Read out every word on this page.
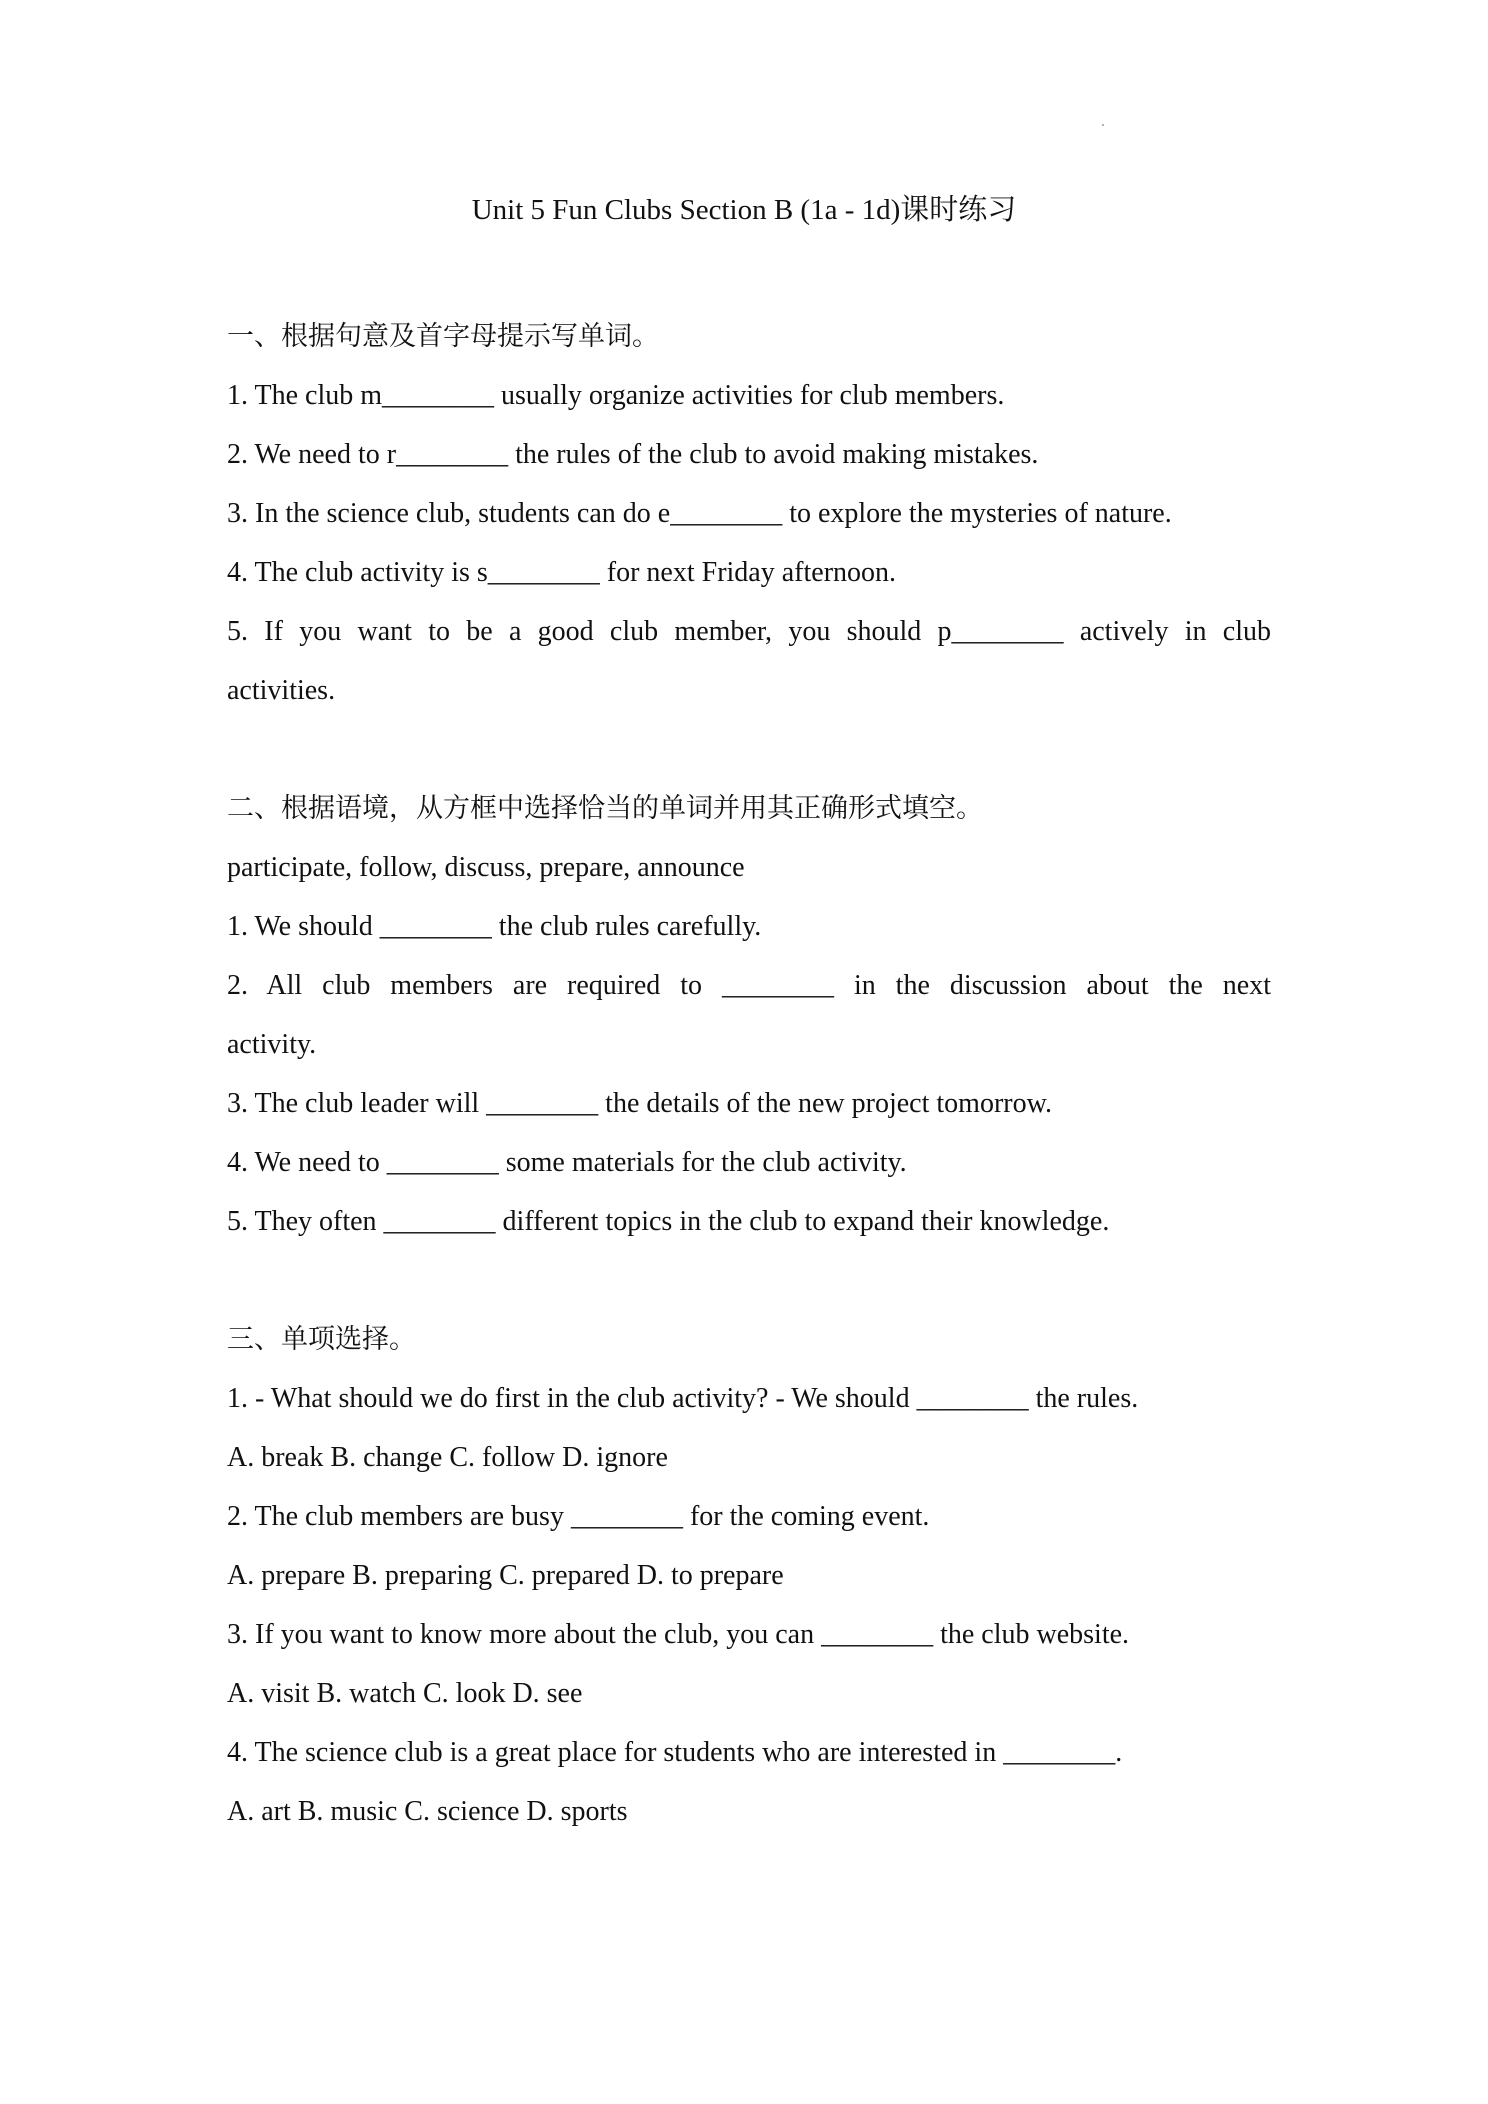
Unit 5 Fun Clubs Section B (1a - 1d)课时练习
一、根据句意及首字母提示写单词。
1. The club m________ usually organize activities for club members.
2. We need to r________ the rules of the club to avoid making mistakes.
3. In the science club, students can do e________ to explore the mysteries of nature.
4. The club activity is s________ for next Friday afternoon.
5. If you want to be a good club member, you should p________ actively in club
activities.
二、根据语境，从方框中选择恰当的单词并用其正确形式填空。
participate, follow, discuss, prepare, announce
1. We should ________ the club rules carefully.
2. All club members are required to ________ in the discussion about the next
activity.
3. The club leader will ________ the details of the new project tomorrow.
4. We need to ________ some materials for the club activity.
5. They often ________ different topics in the club to expand their knowledge.
三、单项选择。
1. - What should we do first in the club activity? - We should ________ the rules.
A. break B. change C. follow D. ignore
2. The club members are busy ________ for the coming event.
A. prepare B. preparing C. prepared D. to prepare
3. If you want to know more about the club, you can ________ the club website.
A. visit B. watch C. look D. see
4. The science club is a great place for students who are interested in ________.
A. art B. music C. science D. sports
